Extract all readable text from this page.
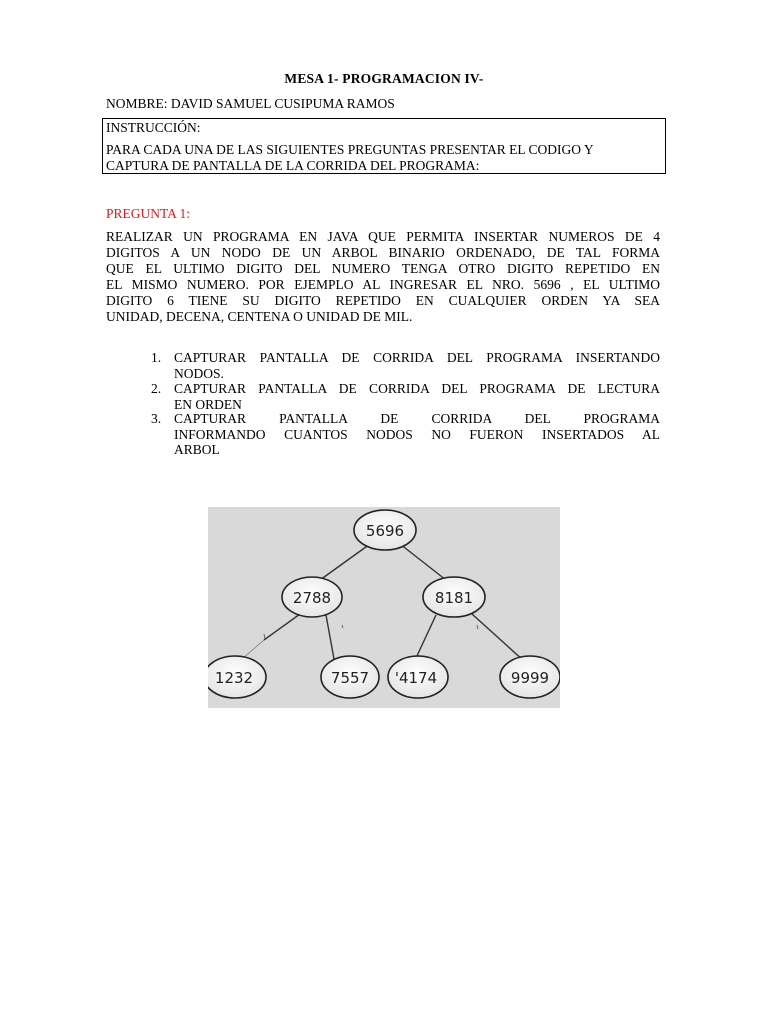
MESA 1- PROGRAMACION IV-
NOMBRE: DAVID SAMUEL CUSIPUMA RAMOS

INSTRUCCIÓN:

PARA CADA UNA DE LAS SIGUIENTES PREGUNTAS PRESENTAR EL CODIGO Y

CAPTURA DE PANTALLA DE LA CORRIDA DEL PROGRAMA:

PREGUNTA 1:
REALIZAR UN PROGRAMA EN JAVA QUE PERMITA INSERTAR NUMEROS DE 4
DIGITOS A UN NODO DE UN ARBOL BINARIO ORDENADO, DE TAL FORMA
QUE EL ULTIMO DIGITO DEL NUMERO TENGA OTRO DIGITO REPETIDO EN
EL MISMO NUMERO. POR EJEMPLO AL INGRESAR EL NRO. 5696 , EL ULTIMO
DIGITO 6 TIENE SU DIGITO REPETIDO EN CUALQUIER ORDEN YA SEA
UNIDAD, DECENA, CENTENA O UNIDAD DE MIL.
1. CAPTURAR PANTALLA DE CORRIDA DEL PROGRAMA INSERTANDO
NODOS.
2. CAPTURAR PANTALLA DE CORRIDA DEL PROGRAMA DE LECTURA
EN ORDEN
3. CAPTURAR PANTALLA DE CORRIDA DEL PROGRAMA
INFORMANDO CUANTOS NODOS NO FUERON INSERTADOS AL
ARBOL
5696
2788	8181
1232	7557 '4174	9999
